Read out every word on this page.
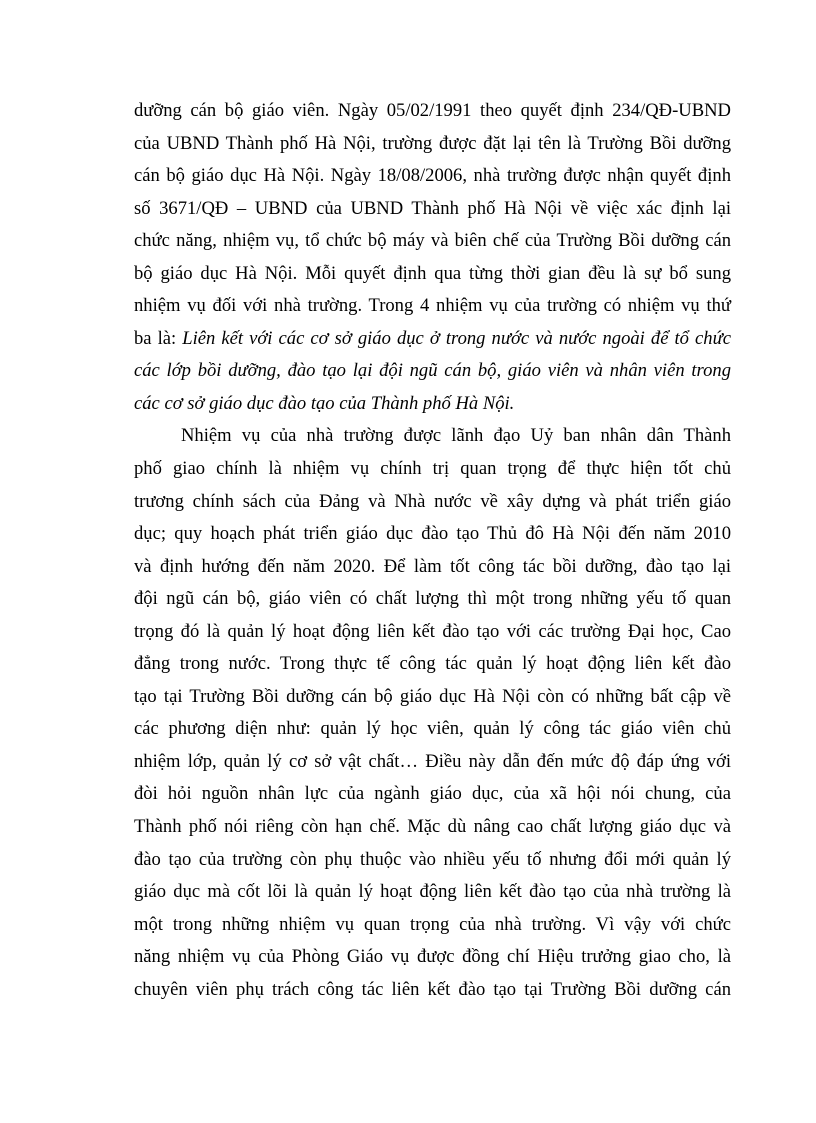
dưỡng cán bộ giáo viên. Ngày 05/02/1991 theo quyết định 234/QĐ-UBND
của UBND Thành phố Hà Nội, trường được đặt lại tên là Trường Bồi dưỡng
cán bộ giáo dục Hà Nội. Ngày 18/08/2006, nhà trường được nhận quyết định
số 3671/QĐ – UBND của UBND Thành phố Hà Nội về việc xác định lại
chức năng, nhiệm vụ, tổ chức bộ máy và biên chế của Trường Bồi dưỡng cán
bộ giáo dục Hà Nội. Mỗi quyết định qua từng thời gian đều là sự bổ sung
nhiệm vụ đối với nhà trường. Trong 4 nhiệm vụ của trường có nhiệm vụ thứ
ba là: Liên kết với các cơ sở giáo dục ở trong nước và nước ngoài để tổ chức
các lớp bồi dưỡng, đào tạo lại đội ngũ cán bộ, giáo viên và nhân viên trong
các cơ sở giáo dục đào tạo của Thành phố Hà Nội.
Nhiệm vụ của nhà trường được lãnh đạo Uỷ ban nhân dân Thành
phố giao chính là nhiệm vụ chính trị quan trọng để thực hiện tốt chủ
trương chính sách của Đảng và Nhà nước về xây dựng và phát triển giáo
dục; quy hoạch phát triển giáo dục đào tạo Thủ đô Hà Nội đến năm 2010
và định hướng đến năm 2020. Để làm tốt công tác bồi dưỡng, đào tạo lại
đội ngũ cán bộ, giáo viên có chất lượng thì một trong những yếu tố quan
trọng đó là quản lý hoạt động liên kết đào tạo với các trường Đại học, Cao
đẳng trong nước. Trong thực tế công tác quản lý hoạt động liên kết đào
tạo tại Trường Bồi dưỡng cán bộ giáo dục Hà Nội còn có những bất cập về
các phương diện như: quản lý học viên, quản lý công tác giáo viên chủ
nhiệm lớp, quản lý cơ sở vật chất… Điều này dẫn đến mức độ đáp ứng với
đòi hỏi nguồn nhân lực của ngành giáo dục, của xã hội nói chung, của
Thành phố nói riêng còn hạn chế. Mặc dù nâng cao chất lượng giáo dục và
đào tạo của trường còn phụ thuộc vào nhiều yếu tố nhưng đổi mới quản lý
giáo dục mà cốt lõi là quản lý hoạt động liên kết đào tạo của nhà trường là
một trong những nhiệm vụ quan trọng của nhà trường. Vì vậy với chức
năng nhiệm vụ của Phòng Giáo vụ được đồng chí Hiệu trưởng giao cho, là
chuyên viên phụ trách công tác liên kết đào tạo tại Trường Bồi dưỡng cán
